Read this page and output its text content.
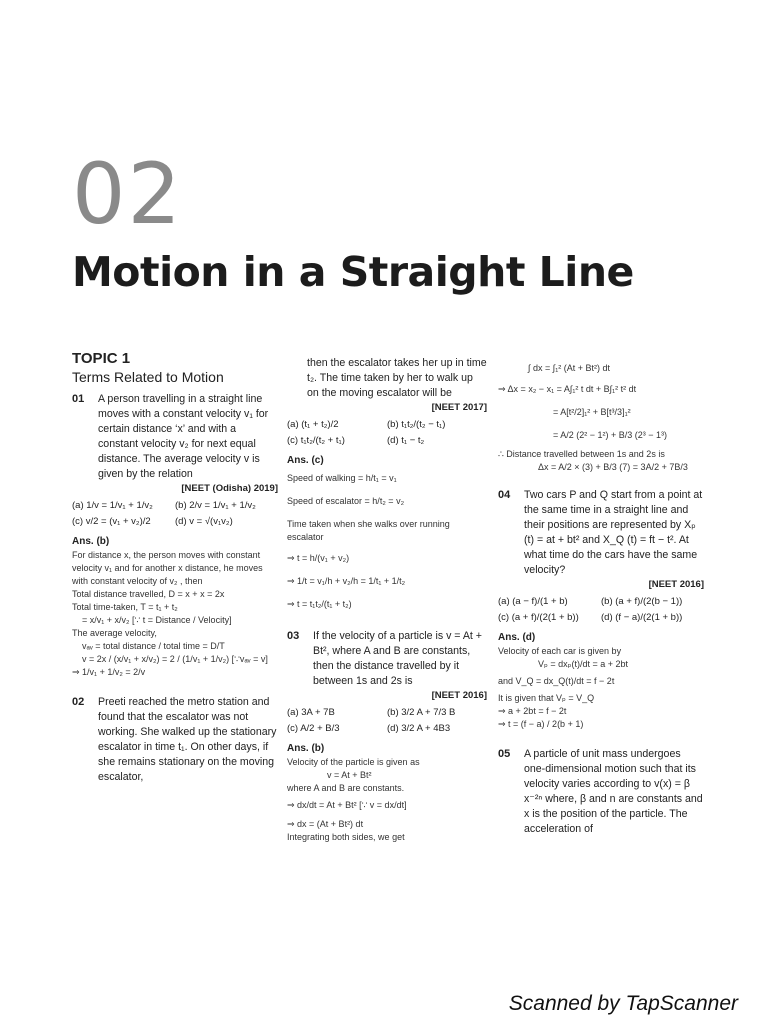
02
Motion in a Straight Line
TOPIC 1
Terms Related to Motion
01 A person travelling in a straight line moves with a constant velocity v₁ for certain distance ‘x’ and with a constant velocity v₂ for next equal distance. The average velocity v is given by the relation
[NEET (Odisha) 2019]
(a) 1/v = 1/v₁ + 1/v₂	(b) 2/v = 1/v₁ + 1/v₂
(c) v/2 = (v₁ + v₂)/2	(d) v = √(v₁v₂)
Ans. (b)
For distance x, the person moves with constant velocity v₁ and for another x distance, he moves with constant velocity of v₂ , then
Total distance travelled, D = x + x = 2x
Total time-taken, T = t₁ + t₂
= x/v₁ + x/v₂ [∵ t = Distance / Velocity]
The average velocity,
vₐᵥ = total distance / total time = D/T
v = 2x / (x/v₁ + x/v₂) = 2 / (1/v₁ + 1/v₂) [∵vₐᵥ = v]
⇒ 1/v₁ + 1/v₂ = 2/v
02 Preeti reached the metro station and found that the escalator was not working. She walked up the stationary escalator in time t₁. On other days, if she remains stationary on the moving escalator,
then the escalator takes her up in time t₂. The time taken by her to walk up on the moving escalator will be
[NEET 2017]
(a) (t₁ + t₂)/2	(b) t₁t₂/(t₂ − t₁)
(c) t₁t₂/(t₂ + t₁)	(d) t₁ − t₂
Ans. (c)
Speed of walking = h/t₁ = v₁
Speed of escalator = h/t₂ = v₂
Time taken when she walks over running escalator
⇒ t = h/(v₁ + v₂)
⇒ 1/t = v₁/h + v₂/h = 1/t₁ + 1/t₂
⇒ t = t₁t₂/(t₁ + t₂)
03 If the velocity of a particle is v = At + Bt², where A and B are constants, then the distance travelled by it between 1s and 2s is
[NEET 2016]
(a) 3A + 7B	(b) 3/2 A + 7/3 B
(c) A/2 + B/3	(d) 3/2 A + 4B3
Ans. (b)
Velocity of the particle is given as
v = At + Bt²
where A and B are constants.
⇒ dx/dt = At + Bt² [∵ v = dx/dt]
⇒ dx = (At + Bt²) dt
Integrating both sides, we get
∫ dx = ∫₁² (At + Bt²) dt
⇒ Δx = x₂ − x₁ = A∫₁² t dt + B∫₁² t² dt
= A[t²/2]₁² + B[t³/3]₁²
= A/2 (2² − 1²) + B/3 (2³ − 1³)
∴ Distance travelled between 1s and 2s is
Δx = A/2 × (3) + B/3 (7) = 3A/2 + 7B/3
04 Two cars P and Q start from a point at the same time in a straight line and their positions are represented by Xₚ (t) = at + bt² and X_Q (t) = ft − t². At what time do the cars have the same velocity?
[NEET 2016]
(a) (a − f)/(1 + b)	(b) (a + f)/(2(b − 1))
(c) (a + f)/(2(1 + b))	(d) (f − a)/(2(1 + b))
Ans. (d)
Velocity of each car is given by
Vₚ = dxₚ(t)/dt = a + 2bt
and V_Q = dx_Q(t)/dt = f − 2t
It is given that Vₚ = V_Q
⇒ a + 2bt = f − 2t
⇒ t = (f − a) / 2(b + 1)
05 A particle of unit mass undergoes one-dimensional motion such that its velocity varies according to v(x) = β x⁻²ⁿ where, β and n are constants and x is the position of the particle. The acceleration of
Scanned by TapScanner
